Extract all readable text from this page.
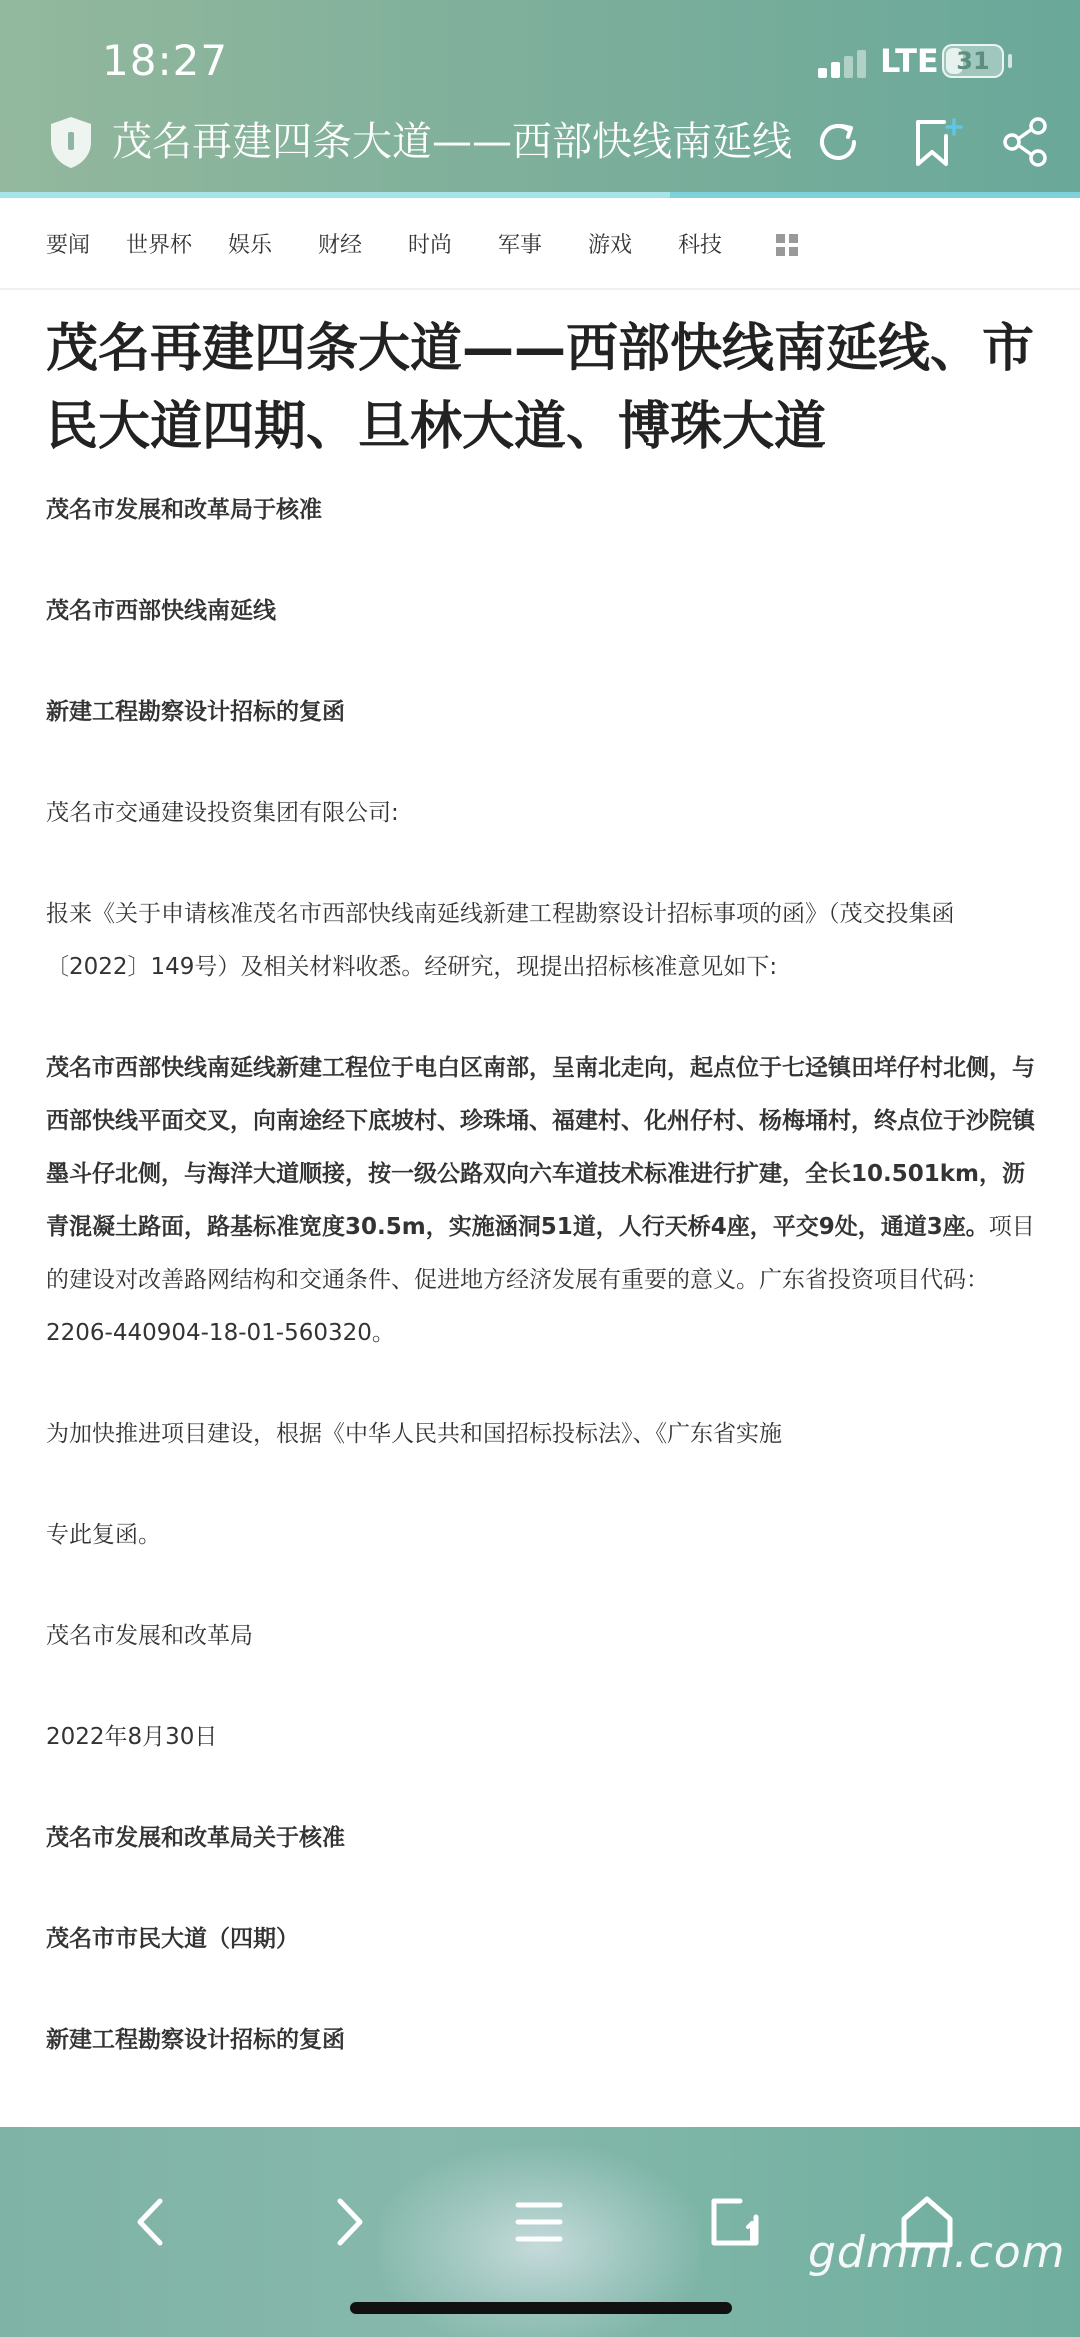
18:27	LTE 31
茂名再建四条大道——西部快线南延线
要闻 世界杯 娱乐 财经 时尚 军事 游戏 科技
茂名再建四条大道——西部快线南延线、市民大道四期、旦林大道、博珠大道
茂名市发展和改革局于核准
茂名市西部快线南延线
新建工程勘察设计招标的复函
茂名市交通建设投资集团有限公司:
报来《关于申请核准茂名市西部快线南延线新建工程勘察设计招标事项的函》（茂交投集函〔2022〕149号）及相关材料收悉。经研究，现提出招标核准意见如下:
茂名市西部快线南延线新建工程位于电白区南部，呈南北走向，起点位于七迳镇田垟仔村北侧，与西部快线平面交叉，向南途经下底坡村、珍珠埇、福建村、化州仔村、杨梅埇村，终点位于沙院镇墨斗仔北侧，与海洋大道顺接，按一级公路双向六车道技术标准进行扩建，全长10.501km，沥青混凝土路面，路基标准宽度30.5m，实施涵洞51道，人行天桥4座，平交9处，通道3座。项目的建设对改善路网结构和交通条件、促进地方经济发展有重要的意义。广东省投资项目代码：2206-440904-18-01-560320。
为加快推进项目建设，根据《中华人民共和国招标投标法》、《广东省实施
专此复函。
茂名市发展和改革局
2022年8月30日
茂名市发展和改革局关于核准
茂名市市民大道（四期）
新建工程勘察设计招标的复函
gdmm.com
